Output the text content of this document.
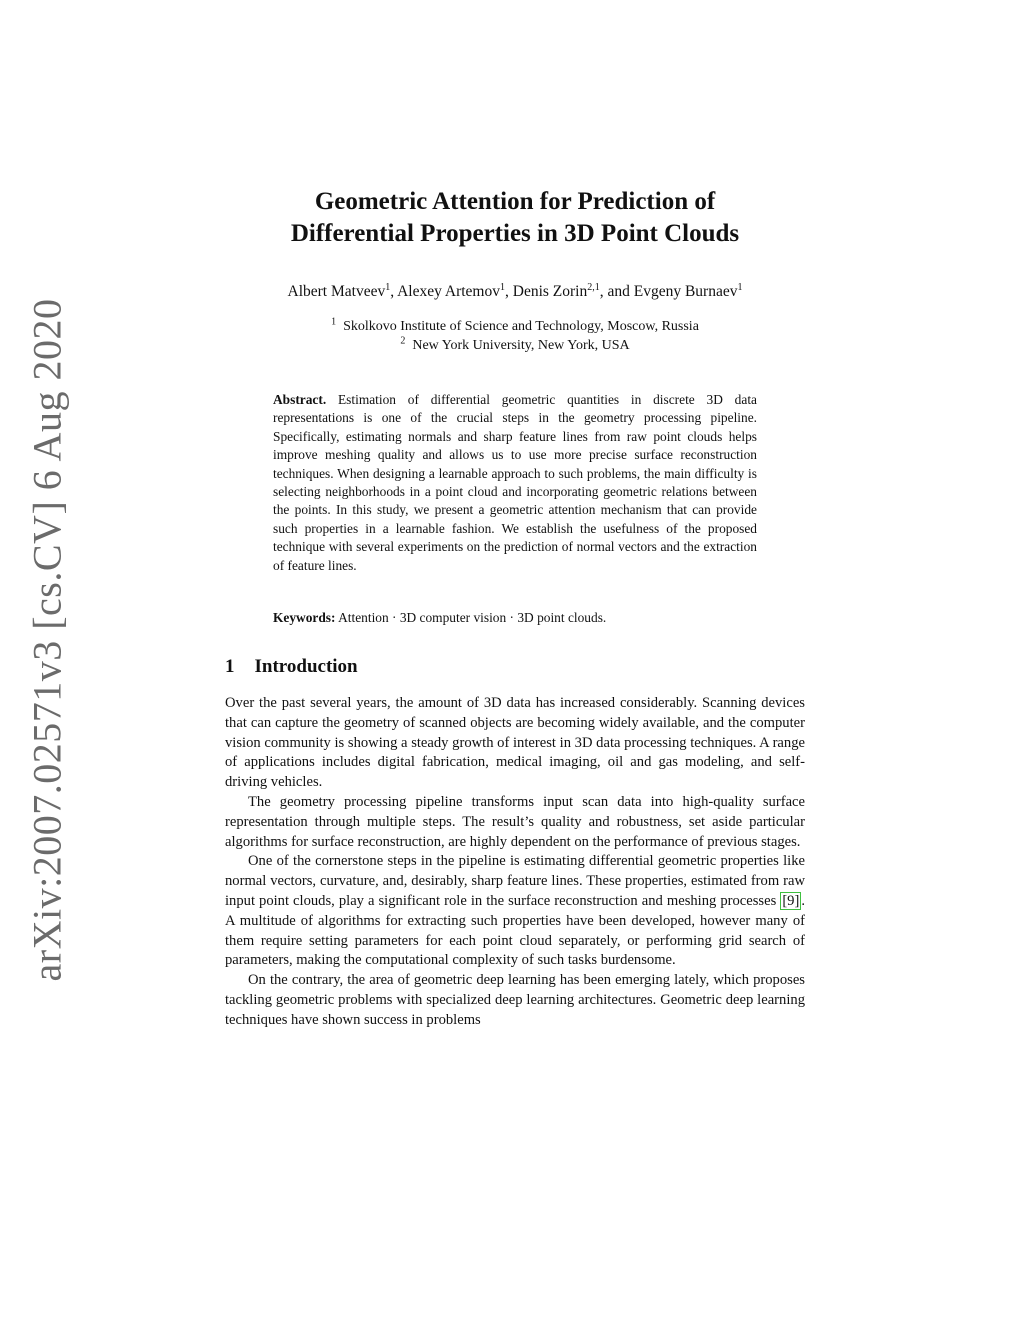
arXiv:2007.02571v3 [cs.CV] 6 Aug 2020
Geometric Attention for Prediction of
Differential Properties in 3D Point Clouds
Albert Matveev$^1$, Alexey Artemov$^1$, Denis Zorin$^{2,1}$, and Evgeny Burnaev$^1$
$^1$ Skolkovo Institute of Science and Technology, Moscow, Russia
$^2$ New York University, New York, USA
Abstract. Estimation of differential geometric quantities in discrete 3D data representations is one of the crucial steps in the geometry processing pipeline. Specifically, estimating normals and sharp feature lines from raw point clouds helps improve meshing quality and allows us to use more precise surface reconstruction techniques. When designing a learnable approach to such problems, the main difficulty is selecting neighborhoods in a point cloud and incorporating geometric relations between the points. In this study, we present a geometric attention mechanism that can provide such properties in a learnable fashion. We establish the usefulness of the proposed technique with several experiments on the prediction of normal vectors and the extraction of feature lines.
Keywords: Attention · 3D computer vision · 3D point clouds.
1 Introduction

Over the past several years, the amount of 3D data has increased considerably. Scanning devices that can capture the geometry of scanned objects are becoming widely available, and the computer vision community is showing a steady growth of interest in 3D data processing techniques. A range of applications includes digital fabrication, medical imaging, oil and gas modeling, and self-driving vehicles.

The geometry processing pipeline transforms input scan data into high-quality surface representation through multiple steps. The result’s quality and robustness, set aside particular algorithms for surface reconstruction, are highly dependent on the performance of previous stages.

One of the cornerstone steps in the pipeline is estimating differential geometric properties like normal vectors, curvature, and, desirably, sharp feature lines. These properties, estimated from raw input point clouds, play a significant role in the surface reconstruction and meshing processes [9] . A multitude of algorithms for extracting such properties have been developed, however many of them require setting parameters for each point cloud separately, or performing grid search of parameters, making the computational complexity of such tasks burdensome.

On the contrary, the area of geometric deep learning has been emerging lately, which proposes tackling geometric problems with specialized deep learning architectures. Geometric deep learning techniques have shown success in problems
